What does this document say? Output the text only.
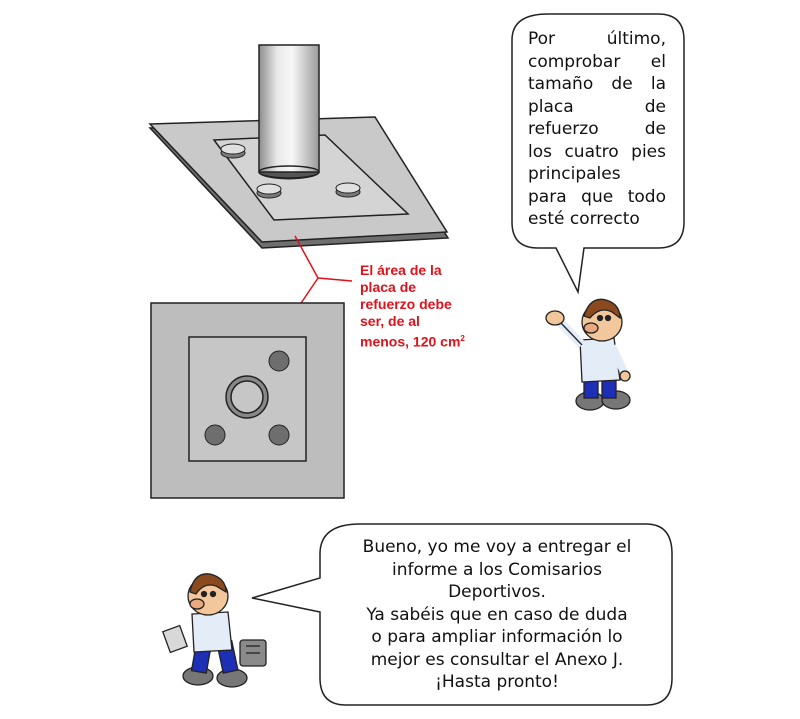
Por último,
comprobar el
tamaño de la
placa de
refuerzo de
los cuatro pies
principales
para que todo
esté correcto
El área de la
placa de
refuerzo debe
ser, de al
menos, 120 $cm^2$
Bueno, yo me voy a entregar el
informe a los Comisarios
Deportivos.
Ya sabéis que en caso de duda
o para ampliar información lo
mejor es consultar el Anexo J.
¡Hasta pronto!
